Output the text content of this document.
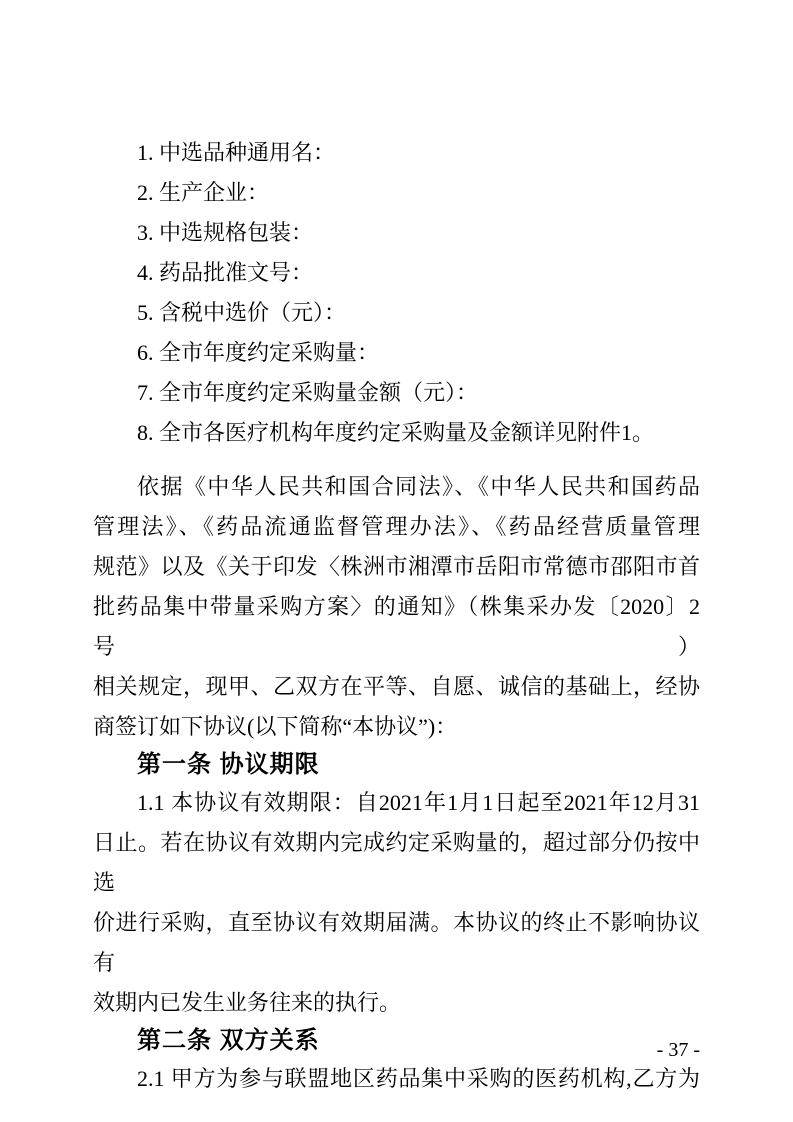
1. 中选品种通用名：
2. 生产企业：
3. 中选规格包装：
4. 药品批准文号：
5. 含税中选价（元）：
6. 全市年度约定采购量：
7. 全市年度约定采购量金额（元）：
8. 全市各医疗机构年度约定采购量及金额详见附件1。
依据《中华人民共和国合同法》、《中华人民共和国药品
管理法》、《药品流通监督管理办法》、《药品经营质量管理
规范》以及《关于印发〈株洲市湘潭市岳阳市常德市邵阳市首
批药品集中带量采购方案〉的通知》（株集采办发〔2020〕2 号）
相关规定，现甲、乙双方在平等、自愿、诚信的基础上，经协
商签订如下协议(以下简称“本协议”)：
第一条 协议期限
1.1 本协议有效期限：自2021年1月1日起至2021年12月31
日止。若在协议有效期内完成约定采购量的，超过部分仍按中选
价进行采购，直至协议有效期届满。本协议的终止不影响协议有
效期内已发生业务往来的执行。
第二条 双方关系
2.1 甲方为参与联盟地区药品集中采购的医药机构,乙方为
- 37 -
